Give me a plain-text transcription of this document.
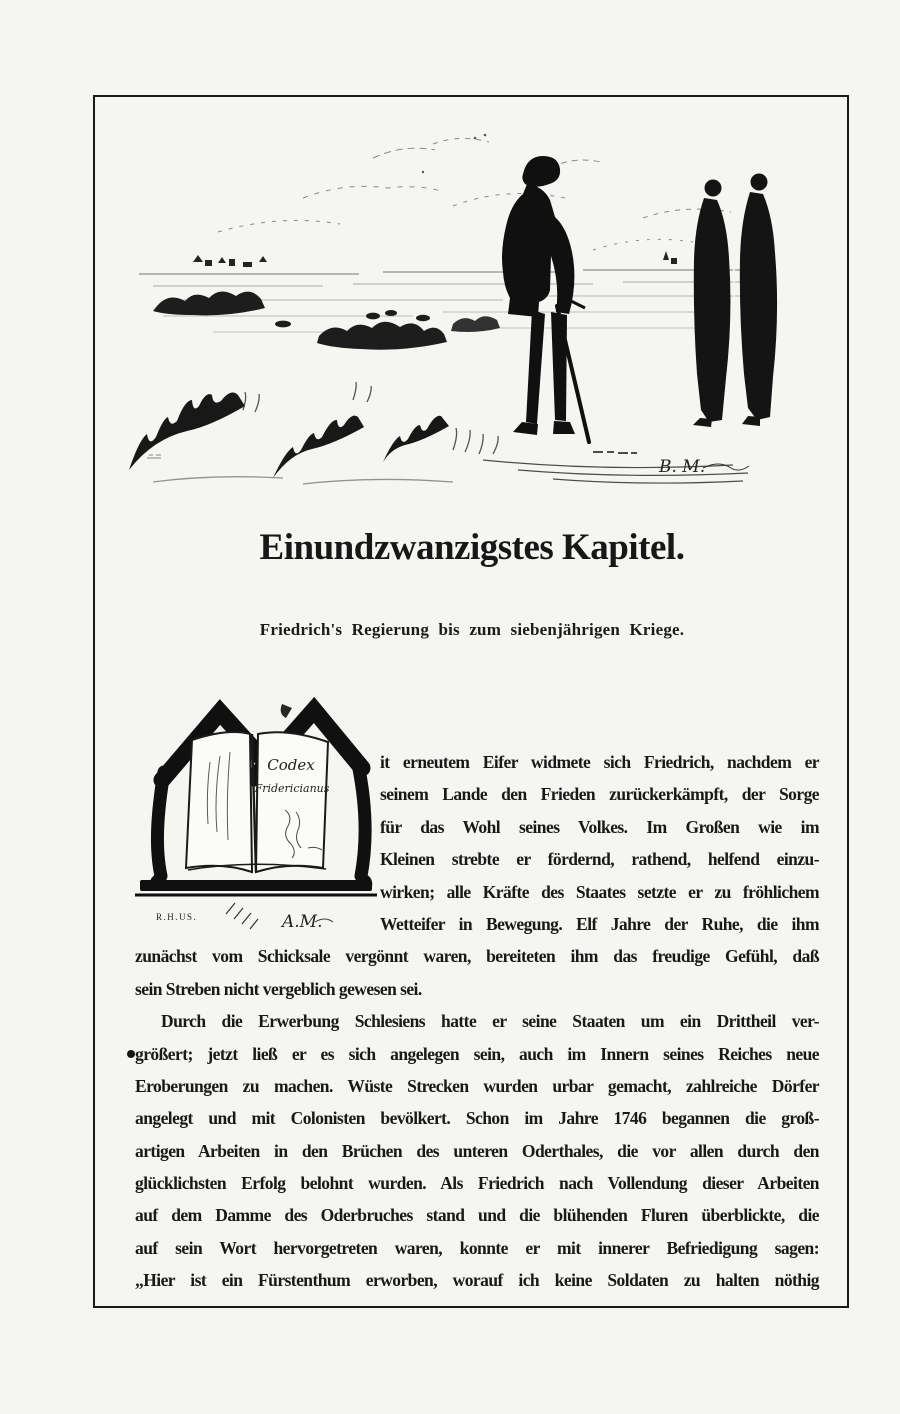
B. M.
Einundzwanzigstes Kapitel.
Friedrich's Regierung bis zum siebenjährigen Kriege.
Codex
Fridericianus
R.H.US.	A.M.
it erneutem Eifer widmete sich Friedrich, nachdem er
seinem Lande den Frieden zurückerkämpft, der Sorge
für das Wohl seines Volkes. Im Großen wie im
Kleinen strebte er fördernd, rathend, helfend einzu-
wirken; alle Kräfte des Staates setzte er zu fröhlichem
Wetteifer in Bewegung. Elf Jahre der Ruhe, die ihm
zunächst vom Schicksale vergönnt waren, bereiteten ihm das freudige Gefühl, daß
sein Streben nicht vergeblich gewesen sei.
Durch die Erwerbung Schlesiens hatte er seine Staaten um ein Drittheil ver-
größert; jetzt ließ er es sich angelegen sein, auch im Innern seines Reiches neue
Eroberungen zu machen. Wüste Strecken wurden urbar gemacht, zahlreiche Dörfer
angelegt und mit Colonisten bevölkert. Schon im Jahre 1746 begannen die groß-
artigen Arbeiten in den Brüchen des unteren Oderthales, die vor allen durch den
glücklichsten Erfolg belohnt wurden. Als Friedrich nach Vollendung dieser Arbeiten
auf dem Damme des Oderbruches stand und die blühenden Fluren überblickte, die
auf sein Wort hervorgetreten waren, konnte er mit innerer Befriedigung sagen:
„Hier ist ein Fürstenthum erworben, worauf ich keine Soldaten zu halten nöthig
